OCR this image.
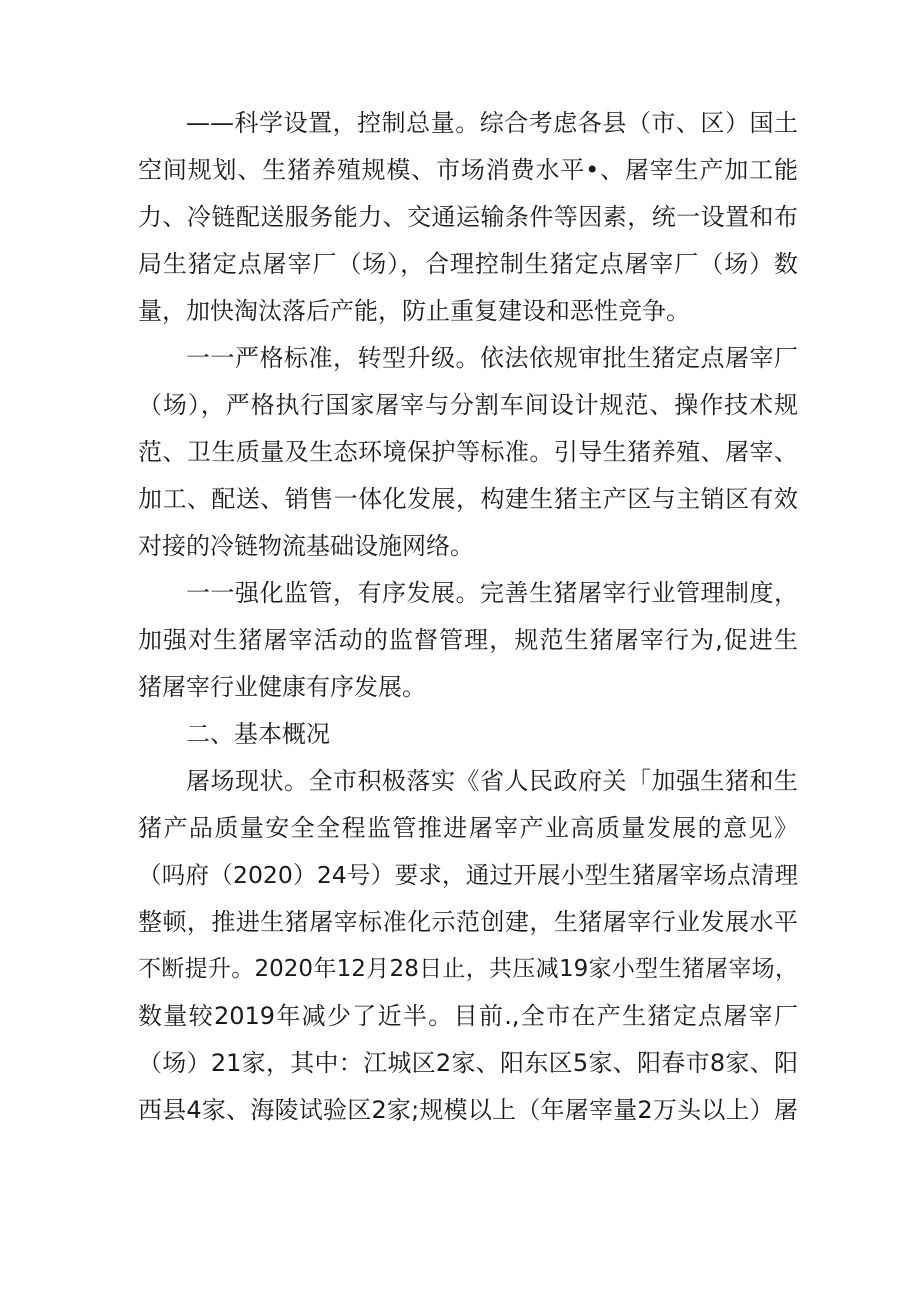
——科学设置，控制总量。综合考虑各县（市、区）国土
空间规划、生猪养殖规模、市场消费水平•、屠宰生产加工能
力、冷链配送服务能力、交通运输条件等因素，统一设置和布
局生猪定点屠宰厂（场），合理控制生猪定点屠宰厂（场）数
量，加快淘汰落后产能，防止重复建设和恶性竞争。
一一严格标准，转型升级。依法依规审批生猪定点屠宰厂
（场），严格执行国家屠宰与分割车间设计规范、操作技术规
范、卫生质量及生态环境保护等标准。引导生猪养殖、屠宰、
加工、配送、销售一体化发展，构建生猪主产区与主销区有效
对接的冷链物流基础设施网络。
一一强化监管，有序发展。完善生猪屠宰行业管理制度，
加强对生猪屠宰活动的监督管理，规范生猪屠宰行为,促进生
猪屠宰行业健康有序发展。
二、基本概况
屠场现状。全市积极落实《省人民政府关「加强生猪和生
猪产品质量安全全程监管推进屠宰产业高质量发展的意见》
（吗府（2020）24号）要求，通过开展小型生猪屠宰场点清理
整顿，推进生猪屠宰标准化示范创建，生猪屠宰行业发展水平
不断提升。2020年12月28日止，共压减19家小型生猪屠宰场，
数量较2019年减少了近半。目前.,全市在产生猪定点屠宰厂
（场）21家，其中：江城区2家、阳东区5家、阳春市8家、阳
西县4家、海陵试验区2家;规模以上（年屠宰量2万头以上）屠
